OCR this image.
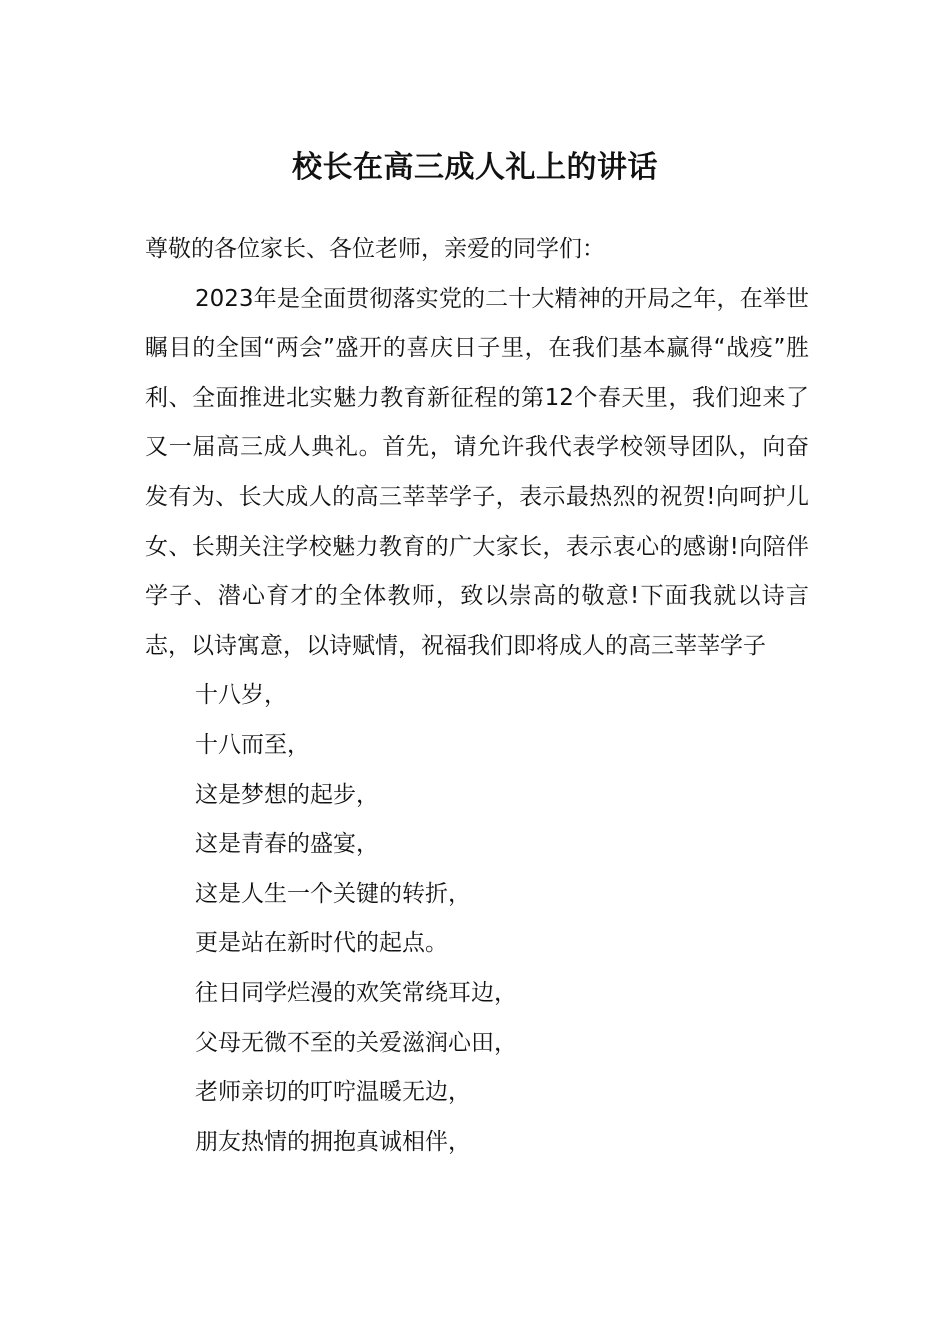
校长在高三成人礼上的讲话

尊敬的各位家长、各位老师，亲爱的同学们：

2023年是全面贯彻落实党的二十大精神的开局之年，在举世瞩目的全国“两会”盛开的喜庆日子里，在我们基本赢得“战疫”胜利、全面推进北实魅力教育新征程的第12个春天里，我们迎来了又一届高三成人典礼。首先，请允许我代表学校领导团队，向奋发有为、长大成人的高三莘莘学子，表示最热烈的祝贺!向呵护儿女、长期关注学校魅力教育的广大家长，表示衷心的感谢!向陪伴学子、潜心育才的全体教师，致以崇高的敬意!下面我就以诗言志，以诗寓意，以诗赋情，祝福我们即将成人的高三莘莘学子

十八岁，

十八而至，

这是梦想的起步，

这是青春的盛宴，

这是人生一个关键的转折，

更是站在新时代的起点。

往日同学烂漫的欢笑常绕耳边，

父母无微不至的关爱滋润心田，

老师亲切的叮咛温暖无边，

朋友热情的拥抱真诚相伴，
